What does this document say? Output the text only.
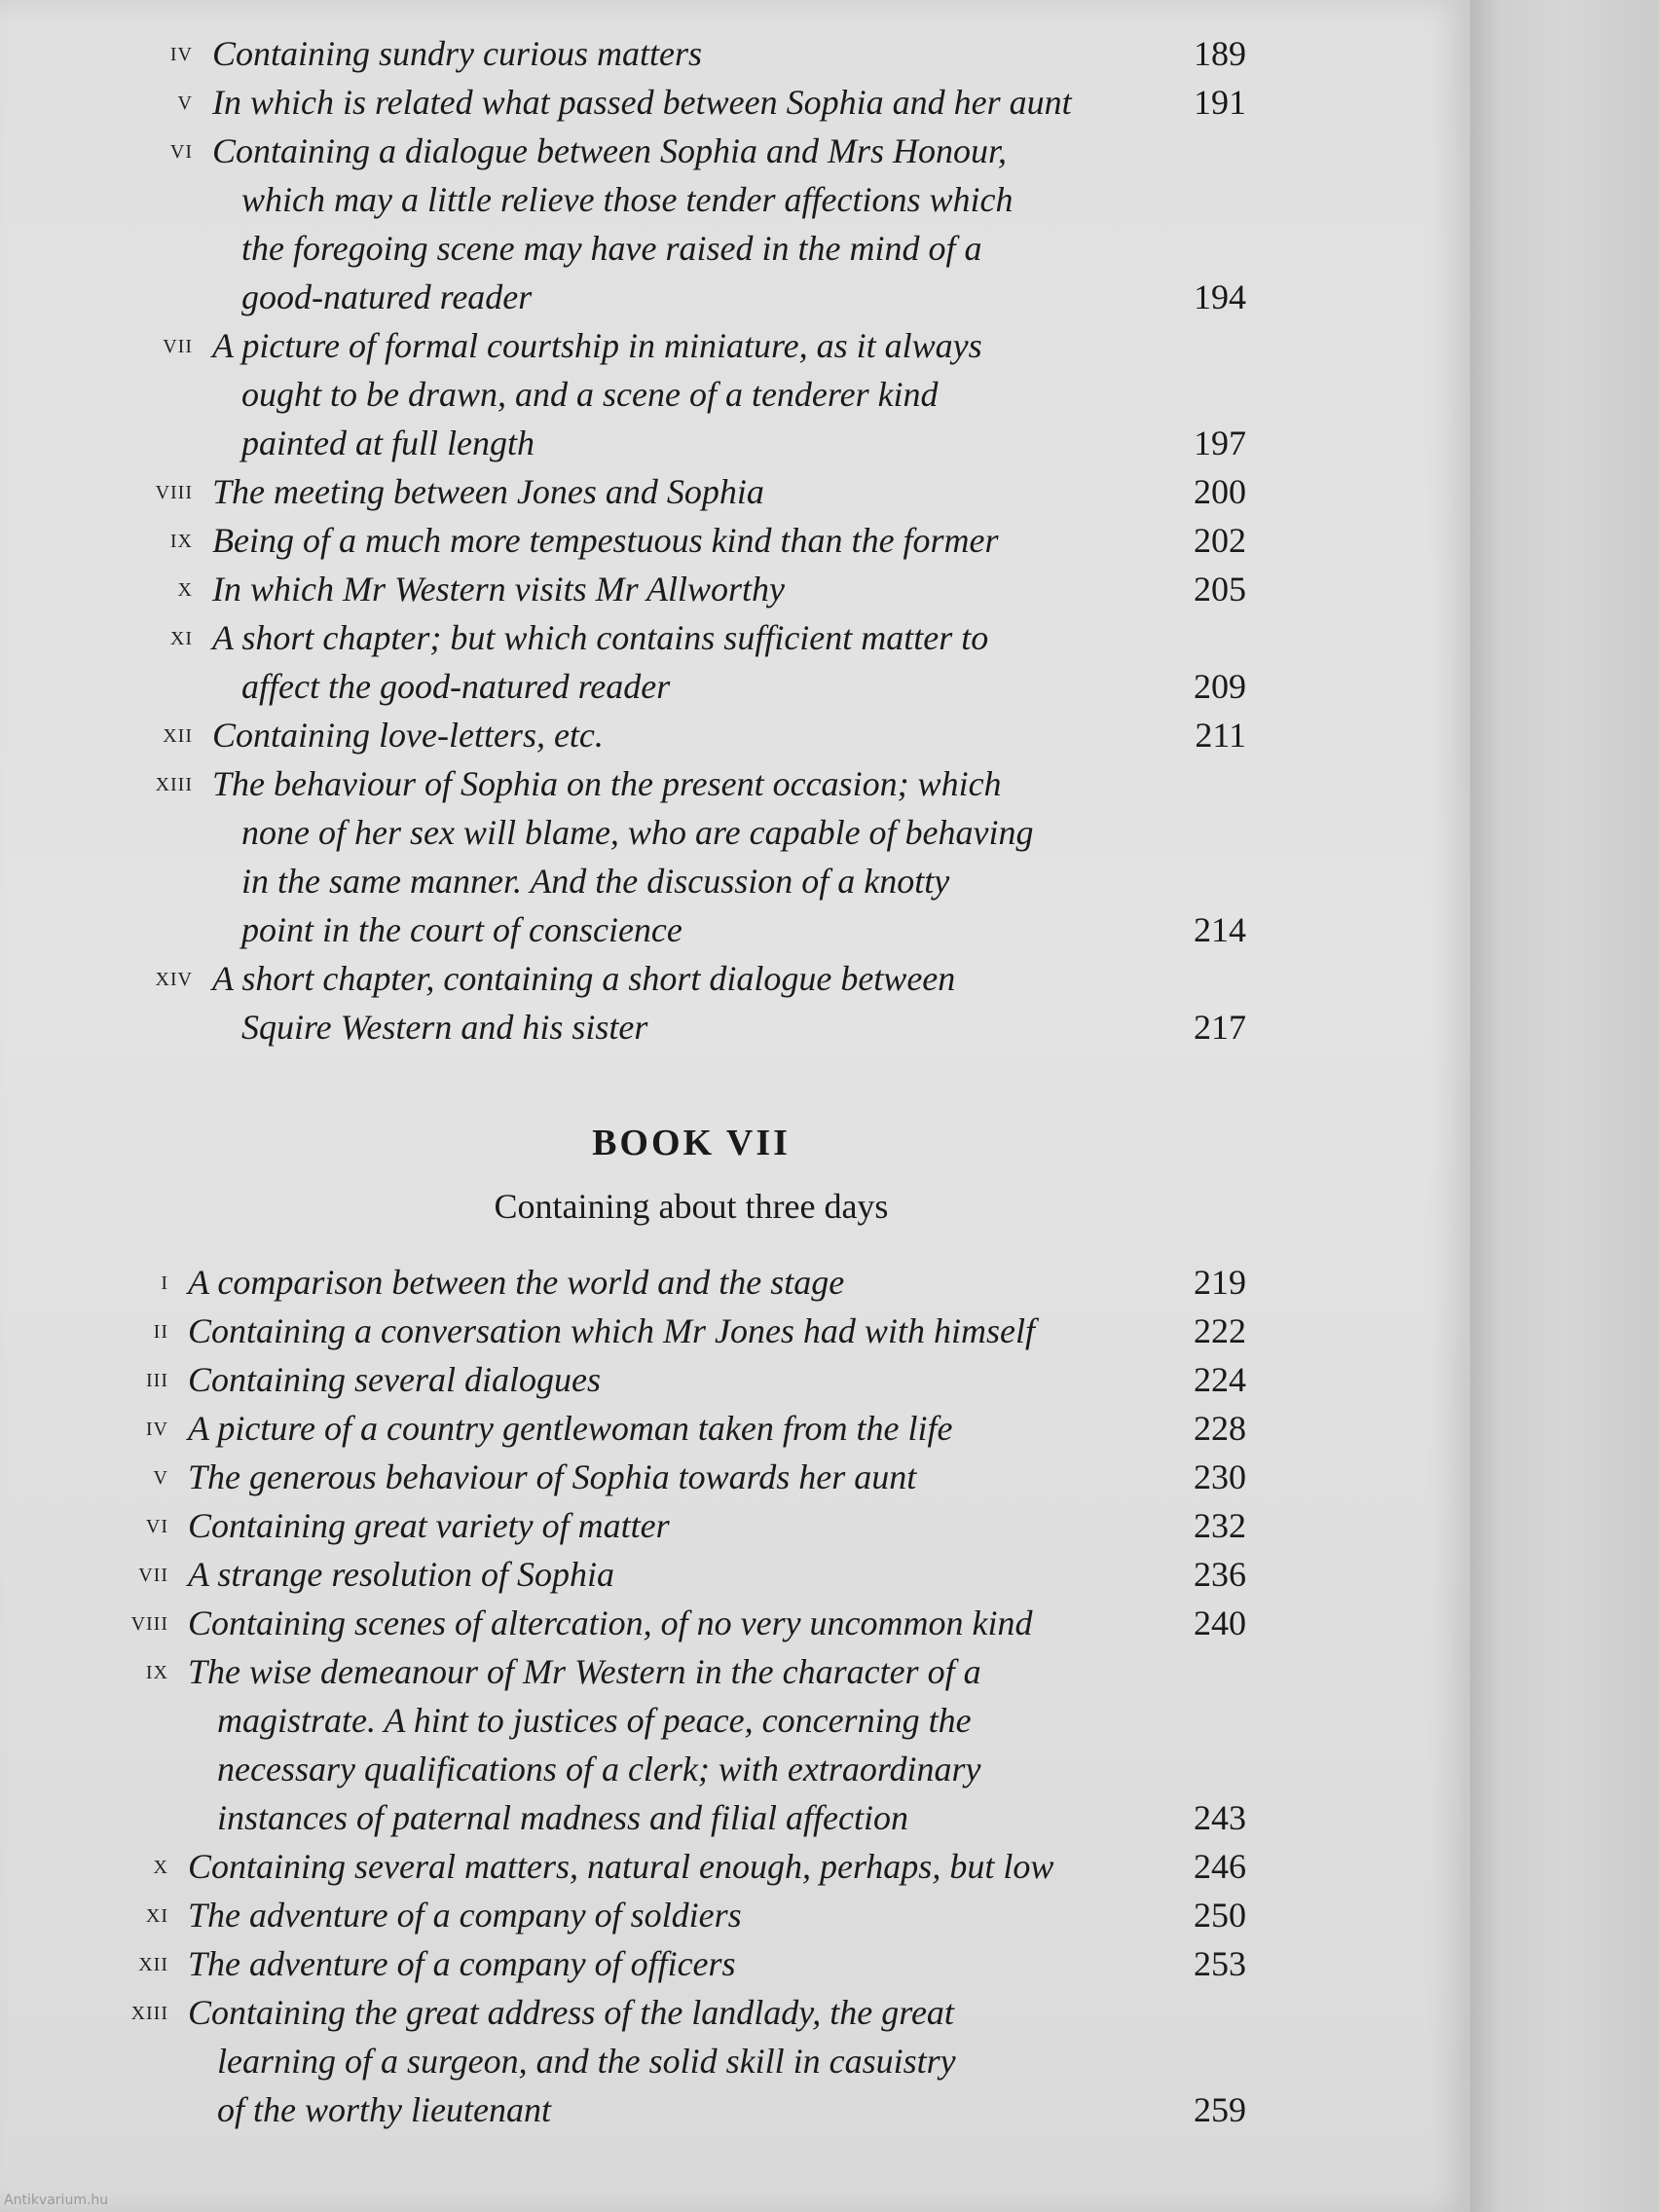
iv Containing sundry curious matters	189
v In which is related what passed between Sophia and her aunt	191
vi Containing a dialogue between Sophia and Mrs Honour,
which may a little relieve those tender affections which
the foregoing scene may have raised in the mind of a
good-natured reader	194
vii A picture of formal courtship in miniature, as it always
ought to be drawn, and a scene of a tenderer kind
painted at full length	197
viii The meeting between Jones and Sophia	200
ix Being of a much more tempestuous kind than the former	202
x In which Mr Western visits Mr Allworthy	205
xi A short chapter; but which contains sufficient matter to
affect the good-natured reader	209
xii Containing love-letters, etc.	211
xiii The behaviour of Sophia on the present occasion; which
none of her sex will blame, who are capable of behaving
in the same manner. And the discussion of a knotty
point in the court of conscience	214
xiv A short chapter, containing a short dialogue between
Squire Western and his sister	217
i A comparison between the world and the stage	219
ii Containing a conversation which Mr Jones had with himself	222
iii Containing several dialogues	224
iv A picture of a country gentlewoman taken from the life	228
v The generous behaviour of Sophia towards her aunt	230
vi Containing great variety of matter	232
vii A strange resolution of Sophia	236
viii Containing scenes of altercation, of no very uncommon kind	240
ix The wise demeanour of Mr Western in the character of a
magistrate. A hint to justices of peace, concerning the
necessary qualifications of a clerk; with extraordinary
instances of paternal madness and filial affection	243
x Containing several matters, natural enough, perhaps, but low	246
xi The adventure of a company of soldiers	250
xii The adventure of a company of officers	253
xiii Containing the great address of the landlady, the great
learning of a surgeon, and the solid skill in casuistry
of the worthy lieutenant	259
BOOK VII
Containing about three days
Antikvarium.hu
